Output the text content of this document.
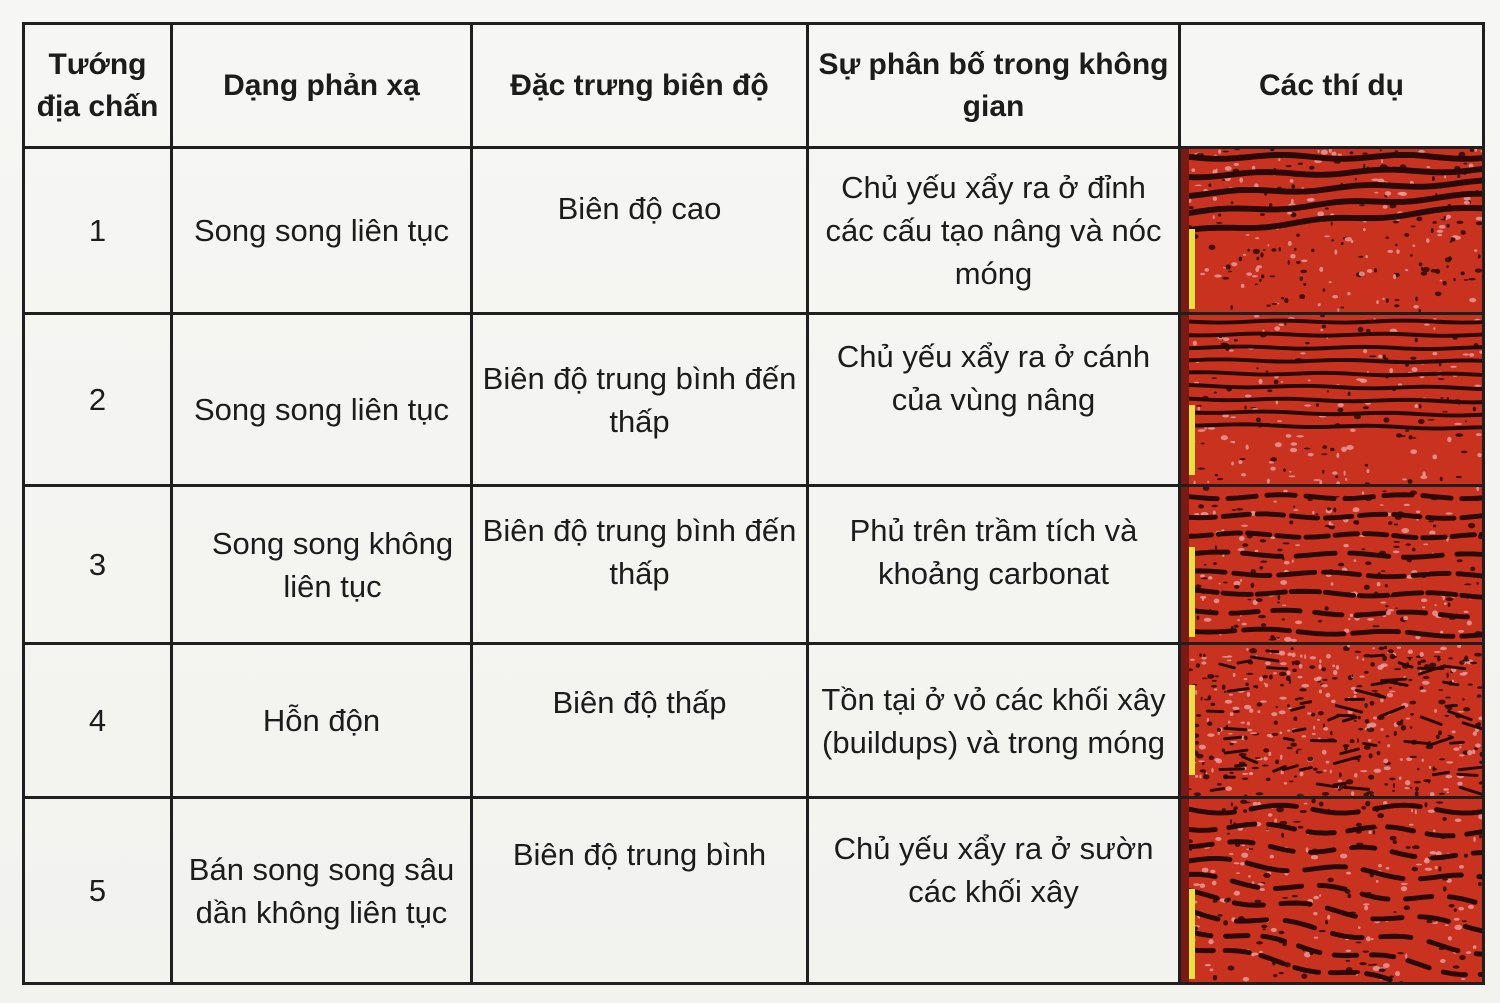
Tướng địa chấn	Dạng phản xạ	Đặc trưng biên độ	Sự phân bố trong không gian	Các thí dụ
1	Song song liên tục	Biên độ cao	Chủ yếu xẩy ra ở đỉnh các cấu tạo nâng và nóc móng	

2	Song song liên tục	Biên độ trung bình đến thấp	Chủ yếu xẩy ra ở cánh của vùng nâng	

3	Song song không liên tục	Biên độ trung bình đến thấp	Phủ trên trầm tích và khoảng carbonat	

4	Hỗn độn	Biên độ thấp	Tồn tại ở vỏ các khối xây (buildups) và trong móng	

5	Bán song song sâu dần không liên tục	Biên độ trung bình	Chủ yếu xẩy ra ở sườn các khối xây	
